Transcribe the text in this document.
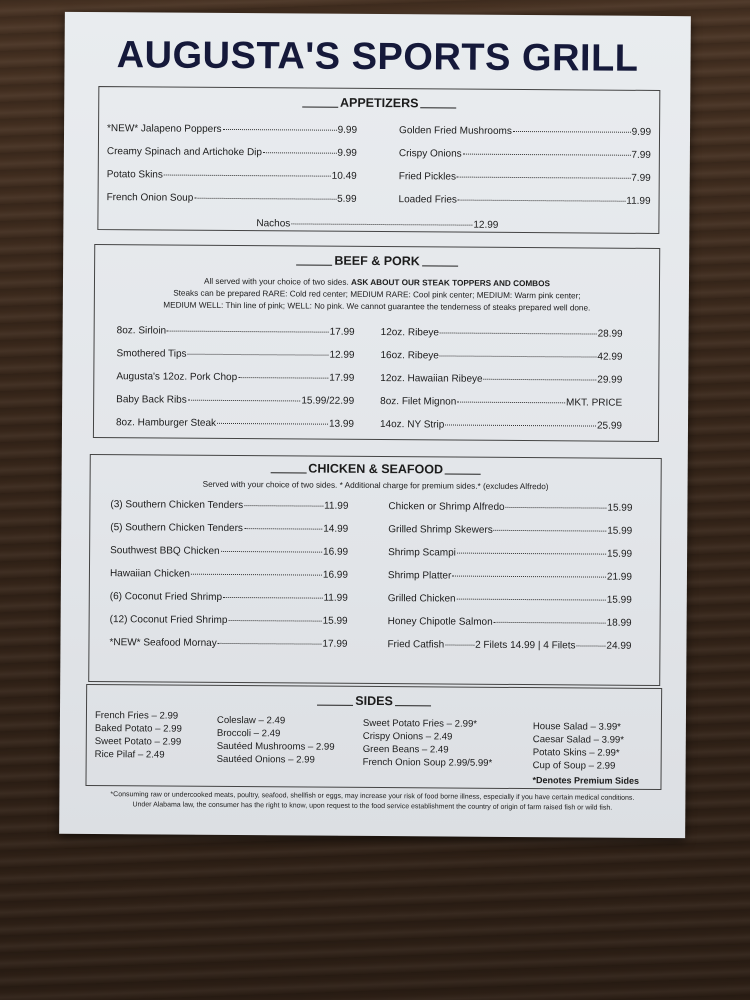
AUGUSTA'S SPORTS GRILL
APPETIZERS
*NEW* Jalapeno Poppers	9.99
Creamy Spinach and Artichoke Dip	9.99
Potato Skins	10.49
French Onion Soup	5.99
Golden Fried Mushrooms	9.99
Crispy Onions	7.99
Fried Pickles	7.99
Loaded Fries	11.99
Nachos	12.99
BEEF & PORK
All served with your choice of two sides. ASK ABOUT OUR STEAK TOPPERS AND COMBOS
Steaks can be prepared RARE: Cold red center; MEDIUM RARE: Cool pink center; MEDIUM: Warm pink center;
MEDIUM WELL: Thin line of pink; WELL: No pink. We cannot guarantee the tenderness of steaks prepared well done.
8oz. Sirloin	17.99
Smothered Tips	12.99
Augusta's 12oz. Pork Chop	17.99
Baby Back Ribs	15.99/22.99
8oz. Hamburger Steak	13.99
12oz. Ribeye	28.99
16oz. Ribeye	42.99
12oz. Hawaiian Ribeye	29.99
8oz. Filet Mignon	MKT. PRICE
14oz. NY Strip	25.99
CHICKEN & SEAFOOD
Served with your choice of two sides. * Additional charge for premium sides.* (excludes Alfredo)
(3) Southern Chicken Tenders	11.99
(5) Southern Chicken Tenders	14.99
Southwest BBQ Chicken	16.99
Hawaiian Chicken	16.99
(6) Coconut Fried Shrimp	11.99
(12) Coconut Fried Shrimp	15.99
*NEW* Seafood Mornay	17.99
Chicken or Shrimp Alfredo	15.99
Grilled Shrimp Skewers	15.99
Shrimp Scampi	15.99
Shrimp Platter	21.99
Grilled Chicken	15.99
Honey Chipotle Salmon	18.99
Fried Catfish	2 Filets 14.99 | 4 Filets	24.99
SIDES
French Fries – 2.99
Baked Potato – 2.99
Sweet Potato – 2.99
Rice Pilaf – 2.49
Coleslaw – 2.49
Broccoli – 2.49
Sautéed Mushrooms – 2.99
Sautéed Onions – 2.99
Sweet Potato Fries – 2.99*
Crispy Onions – 2.49
Green Beans – 2.49
French Onion Soup 2.99/5.99*
House Salad – 3.99*
Caesar Salad – 3.99*
Potato Skins – 2.99*
Cup of Soup – 2.99
*Denotes Premium Sides
*Consuming raw or undercooked meats, poultry, seafood, shellfish or eggs, may increase your risk of food borne illness, especially if you have certain medical conditions.
Under Alabama law, the consumer has the right to know, upon request to the food service establishment the country of origin of farm raised fish or wild fish.
